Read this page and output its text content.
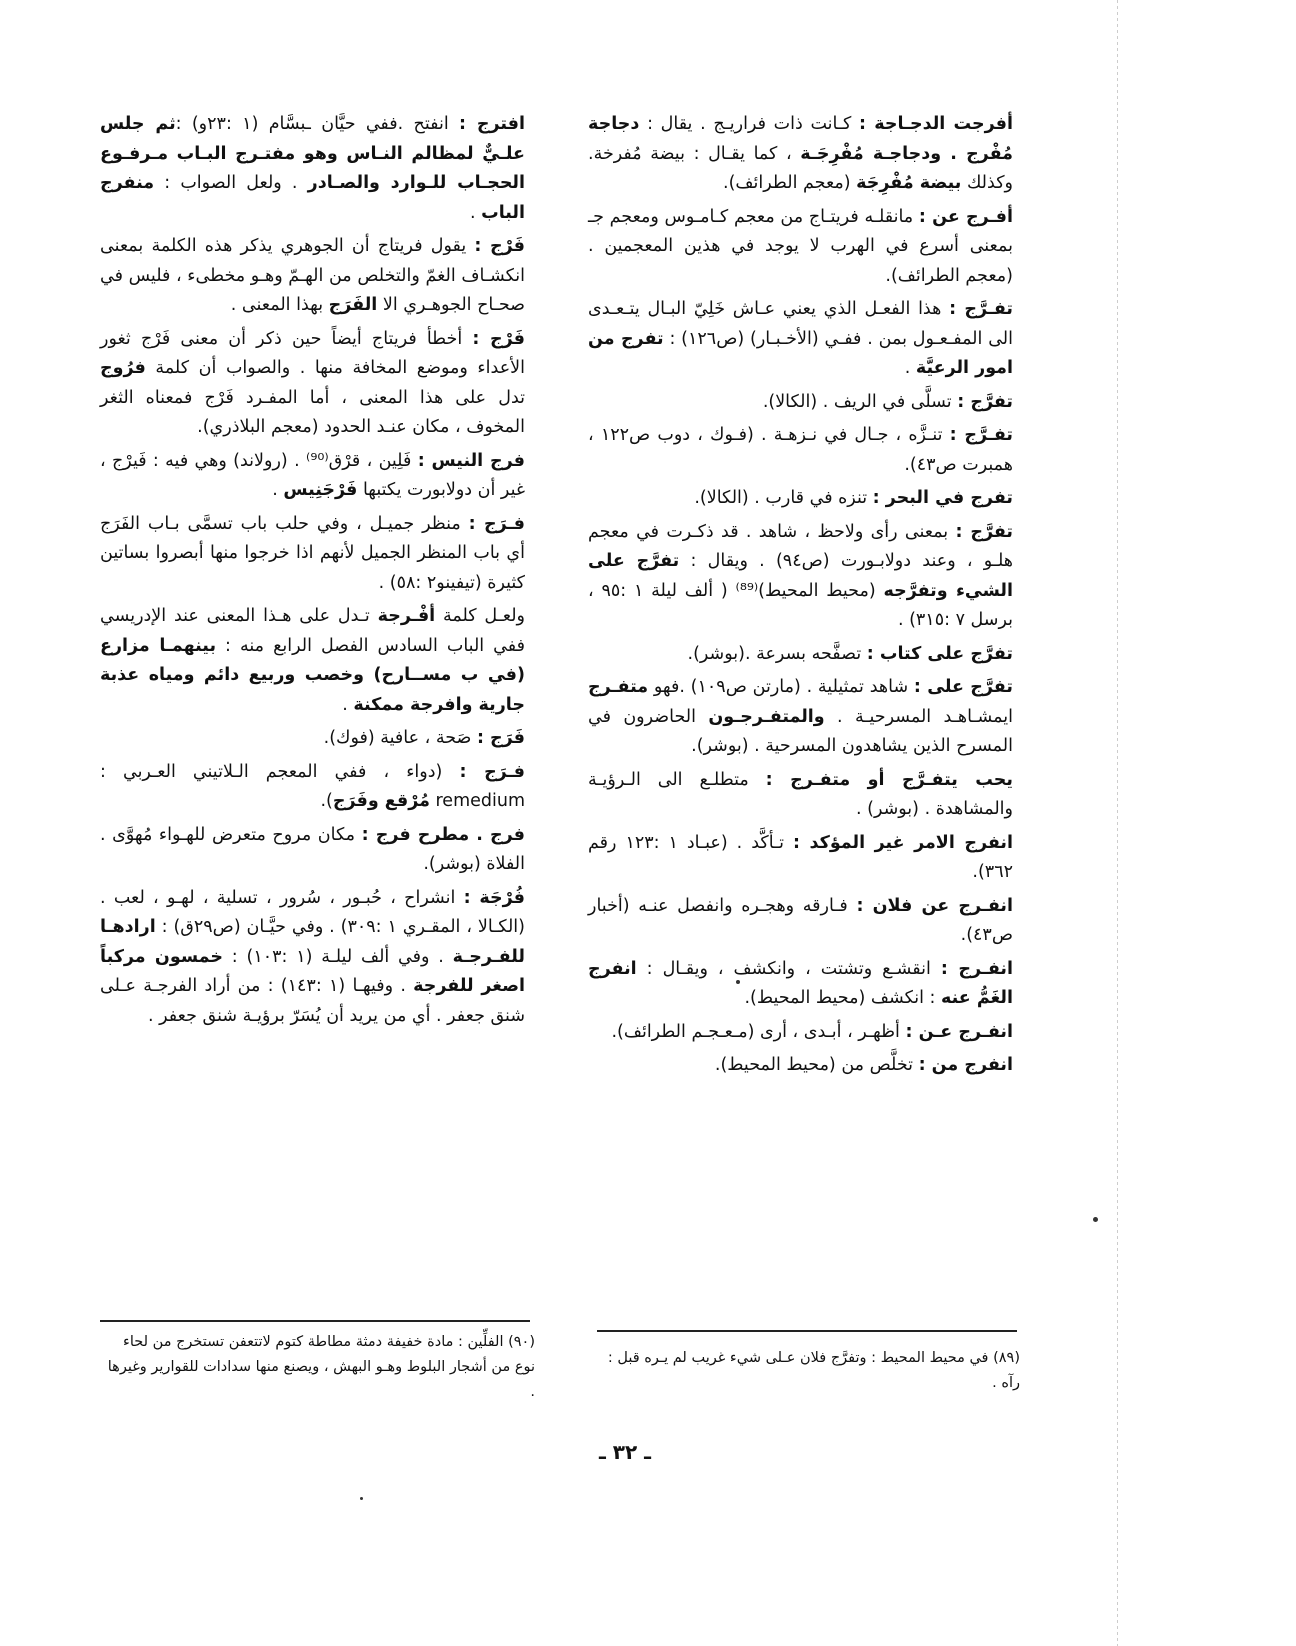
أفرجت الدجـاجة : كـانت ذات فراريـج . يقال : دجاجة مُفْرج . ودجاجـة مُفْرِجَـة ، كما يقـال : بيضة مُفرخة. وكذلك بيضة مُفْرِجَة (معجم الطرائف).

أفـرج عن : مانقلـه فريتـاج من معجم كـامـوس ومعجم جـ بمعنى أسرع في الهرب لا يوجد في هذين المعجمين . (معجم الطرائف).

تفـرَّج : هذا الفعـل الذي يعني عـاش خَلِيّ البـال يتـعـدى الى المفـعـول بمن . ففـي (الأخـبـار) (ص١٢٦) : تفرج من امور الرعيَّة .

تفرَّج : تسلَّى في الريف . (الكالا).

تفـرَّج : تنـزَّه ، جـال في نـزهـة . (فـوك ، دوب ص١٢٢ ، همبرت ص٤٣).

تفرج في البحر : تنزه في قارب . (الكالا).

تفرَّج : بمعنى رأى ولاحظ ، شاهد . قد ذكـرت في معجم هلـو ، وعند دولابـورت (ص٩٤) . ويقال : تفرَّج على الشيء وتفرَّجه (محيط المحيط)⁽⁸⁹⁾ ( ألف ليلة ١ :٩٥ ، برسل ٧ :٣١٥) .

تفرَّج على كتاب : تصفَّحه بسرعة .(بوشر).

تفرَّج على : شاهد تمثيلية . (مارتن ص١٠٩) .فهو متفـرج ايمشـاهـد المسرحيـة . والمتفـرجـون الحاضرون في المسرح الذين يشاهدون المسرحية . (بوشر).

يحب يتفـرَّج أو متفـرج : متطلـع الى الـرؤيـة والمشاهدة . (بوشر) .

انفرج الامر غير المؤكد : تـأكَّد . (عبـاد ١ :١٢٣ رقم ٣٦٢).

انفـرج عن فلان : فـارقه وهجـره وانفصل عنـه (أخبار ص٤٣).

انفـرج : انقشـع وتشتت ، وانكشف ، ويقـال : انفرج الغَمُّ عنه : انكشف (محيط المحيط).

انفـرج عـن : أظهـر ، أبـدى ، أرى (مـعـجـم الطرائف).

انفرج من : تخلَّص من (محيط المحيط).

افترج : انفتح .ففي حيَّان ـبسَّام (١ :٢٣و) :ثم جلس علـيٌّ لمظالم النـاس وهو مفتـرج البـاب مـرفـوع الحجـاب للـوارد والصـادر . ولعل الصواب : منفرج الباب .

فَرْج : يقول فريتاج أن الجوهري يذكر هذه الكلمة بمعنى انكشـاف الغمّ والتخلص من الهـمّ وهـو مخطىء ، فليس في صحـاح الجوهـري الا الفَرَج بهذا المعنى .

فَرْج : أخطأ فريتاج أيضاً حين ذكر أن معنى فَرْج ثغور الأعداء وموضع المخافة منها . والصواب أن كلمة فرُوج تدل على هذا المعنى ، أما المفـرد فَرْج فمعناه الثغر المخوف ، مكان عنـد الحدود (معجم البلاذري).

فرج النيس : فَلِين ، قرْق⁽⁹⁰⁾ . (رولاند) وهي فيه : فَيرْج ، غير أن دولابورت يكتبها فَرْجَنِيس .

فـرَج : منظر جميـل ، وفي حلب باب تسمَّى بـاب الفَرَج أي باب المنظر الجميل لأنهم اذا خرجوا منها أبصروا بساتين كثيرة (تيفينو٢ :٥٨) .

ولعـل كلمة أفْـرجة تـدل على هـذا المعنى عند الإدريسي ففي الباب السادس الفصل الرابع منه : بينهمـا مزارع (في ب مســارح) وخصب وربيع دائم ومياه عذبة جارية وافرجة ممكنة .

فَرَج : صَحة ، عافية (فوك).

فـرَج : (دواء ، ففي المعجم الـلاتيني العـربي : remedium مُرْقع وفَرَج).

فرج . مطرح فرج : مكان مروح متعرض للهـواء مُهوَّى . الفلاة (بوشر).

فُرْجَة : انشراح ، حُبـور ، سُرور ، تسلية ، لهـو ، لعب . (الكـالا ، المقـري ١ :٣٠٩) . وفي حيَّـان (ص٢٩ق) : ارادهـا للفـرجـة . وفي ألف ليلـة (١ :١٠٣) : خمسون مركباً اصغر للفرجة . وفيهـا (١ :١٤٣) : من أراد الفرجـة عـلى شنق جعفر . أي من يريد أن يُسَرّ برؤيـة شنق جعفر .

(٨٩) في محيط المحيط : وتفرَّج فلان عـلى شيء غريب لم يـره قبل : رآه .
(٩٠) الفلِّين : مادة خفيفة دمثة مطاطة كتوم لاتتعفن تستخرج من لحاء نوع من أشجار البلوط وهـو البهش ، ويصنع منها سدادات للقوارير وغيرها .
ـ ٣٢ ـ
